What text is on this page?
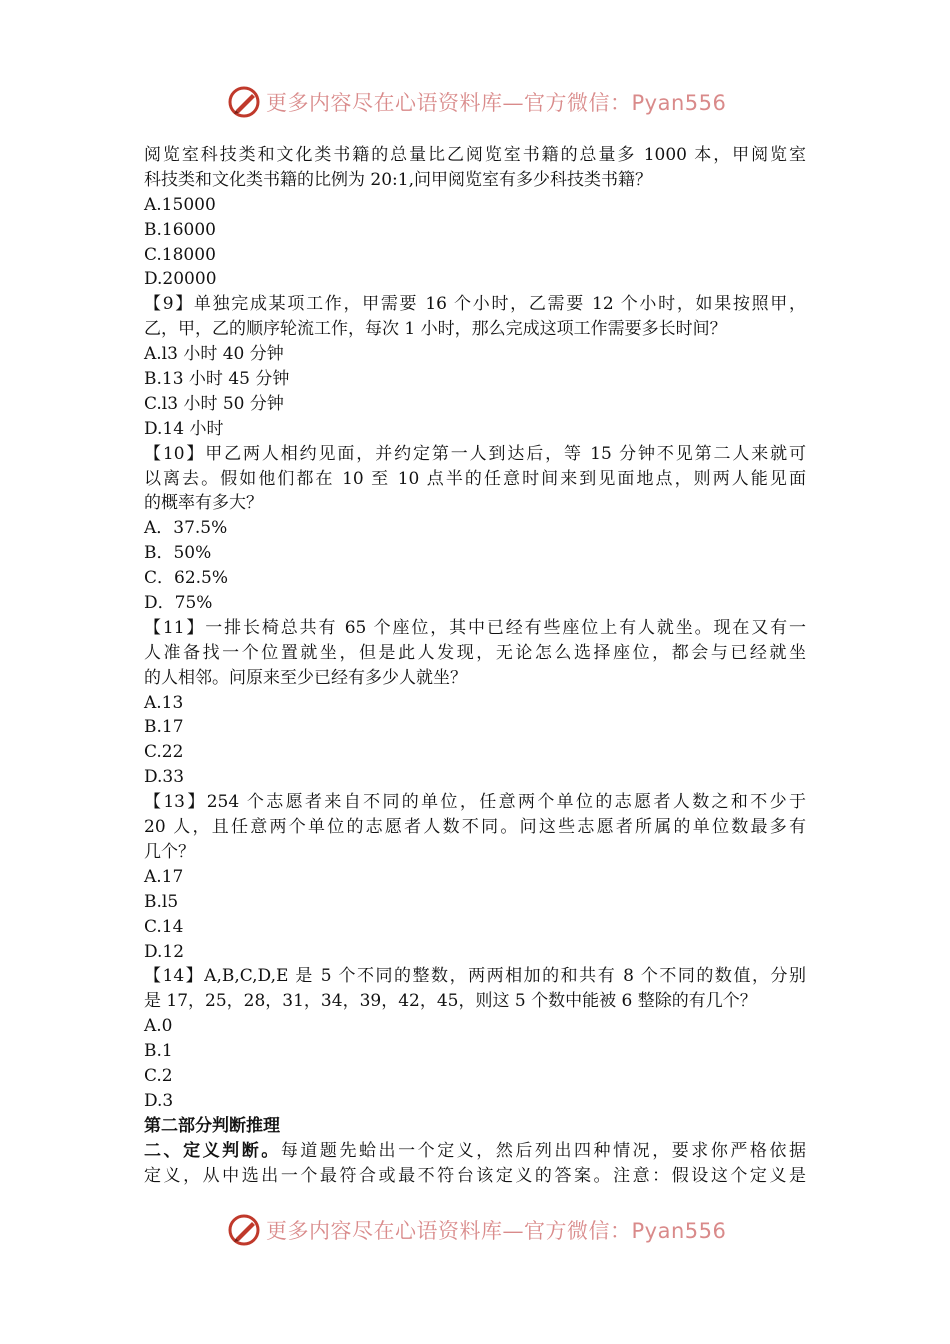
更多内容尽在心语资料库—官方微信：Pyan556
阅览室科技类和文化类书籍的总量比乙阅览室书籍的总量多 1000 本，甲阅览室
科技类和文化类书籍的比例为 20:1,问甲阅览室有多少科技类书籍？
A.15000
B.16000
C.18000
D.20000
【9】单独完成某项工作，甲需要 16 个小时，乙需要 12 个小时，如果按照甲，
乙，甲，乙的顺序轮流工作，每次 1 小时，那么完成这项工作需要多长时间？
A.l3 小时 40 分钟
B.13 小时 45 分钟
C.l3 小时 50 分钟
D.14 小时
【10】甲乙两人相约见面，并约定第一人到达后，等 15 分钟不见第二人来就可
以离去。假如他们都在 10 至 10 点半的任意时间来到见面地点，则两人能见面
的概率有多大？
A．37.5%
B．50%
C．62.5%
D．75%
【11】一排长椅总共有 65 个座位，其中已经有些座位上有人就坐。现在又有一
人准备找一个位置就坐，但是此人发现，无论怎么选择座位，都会与已经就坐
的人相邻。问原来至少已经有多少人就坐？
A.13
B.17
C.22
D.33
【13】254 个志愿者来自不同的单位，任意两个单位的志愿者人数之和不少于
20 人，且任意两个单位的志愿者人数不同。问这些志愿者所属的单位数最多有
几个？
A.17
B.l5
C.14
D.12
【14】A,B,C,D,E 是 5 个不同的整数，两两相加的和共有 8 个不同的数值，分别
是 17，25，28，31，34，39，42，45，则这 5 个数中能被 6 整除的有几个？
A.0
B.1
C.2
D.3
第二部分判断推理
二、定义判断。每道题先蛤出一个定义，然后列出四种情况，要求你严格依据
定义，从中选出一个最符合或最不符台该定义的答案。注意：假设这个定义是
更多内容尽在心语资料库—官方微信：Pyan556
